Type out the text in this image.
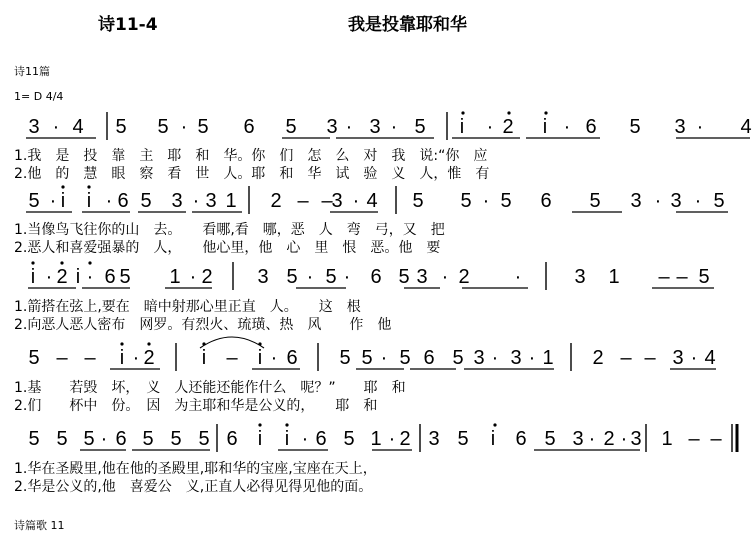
诗11-4	我是投靠耶和华
诗11篇
1= D 4/4
3 · 4 5 5 · 5 6 5 3 · 3 · 5 i · 2 i · 6 5 3 · 4
5 · i i · 6 5 3 · 3 1 2 – –
3 · 4 5 5 · 5 6 5 3 · 3 · 5
i · 2 i · 6 5 1 · 2 3 5 · 5 · 6 5 3 · 2 ·	3 1 – – 5
5 – – i · 2 i – i · 6 5 5 · 5 6 5 3 · 3 · 1 2 – – 3 · 4
5 5 5 · 6 5 5 5 6 i i · 6 5 1 · 2 3 5 i 6 5 3 · 2 · 3 1 – –
1.我　是　投　靠　主　耶　和　华。你　们　怎　么　对　我　说:“你　应
2.他　的　慧　眼　察　看　世　人。耶　和　华　试　验　义　人，惟　有
1.当像鸟飞往你的山　去。　　看哪,看　哪，恶　人　弯　弓，又　把
2.恶人和喜爱强暴的　人，　　他心里，他　心　里　恨　恶。他　要
1.箭搭在弦上,要在　暗中射那心里正直　人。　　这　根
2.向恶人恶人密布　网罗。有烈火、琉璜、热　风　　作　他
1.基　　若毁　坏，　义　人还能还能作什么　呢？”　　耶　和
2.们　　杯中　份。　因　为主耶和华是公义的，　　耶　和
1.华在圣殿里,他在他的圣殿里,耶和华的宝座,宝座在天上，
2.华是公义的,他　喜爱公　义,正直人必得见得见他的面。
诗篇歌 11
